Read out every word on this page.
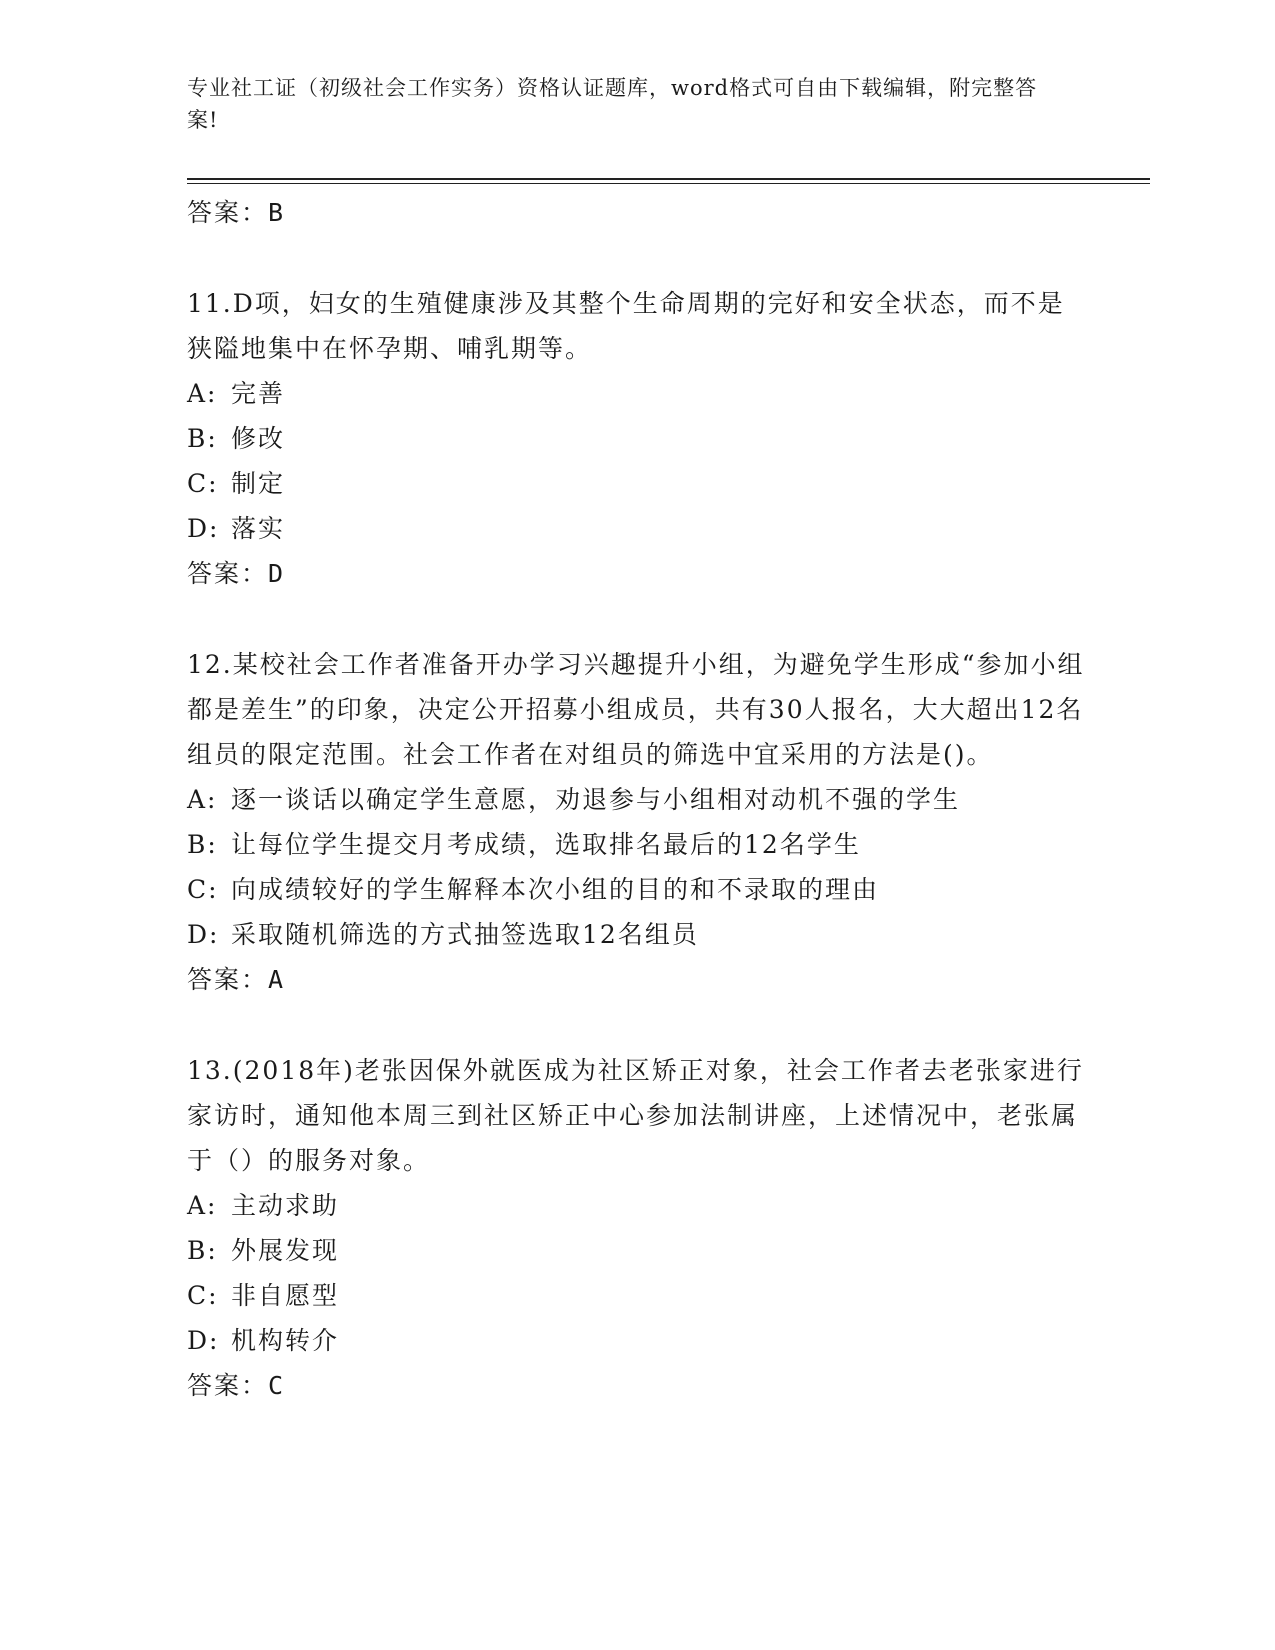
专业社工证（初级社会工作实务）资格认证题库，word格式可自由下载编辑，附完整答案!
答案：B
11.D项，妇女的生殖健康涉及其整个生命周期的完好和安全状态，而不是狭隘地集中在怀孕期、哺乳期等。
A: 完善
B: 修改
C: 制定
D: 落实
答案：D
12.某校社会工作者准备开办学习兴趣提升小组，为避免学生形成“参加小组都是差生”的印象，决定公开招募小组成员，共有30人报名，大大超出12名组员的限定范围。社会工作者在对组员的筛选中宜采用的方法是()。
A: 逐一谈话以确定学生意愿，劝退参与小组相对动机不强的学生
B: 让每位学生提交月考成绩，选取排名最后的12名学生
C: 向成绩较好的学生解释本次小组的目的和不录取的理由
D: 采取随机筛选的方式抽签选取12名组员
答案：A
13.(2018年)老张因保外就医成为社区矫正对象，社会工作者去老张家进行家访时，通知他本周三到社区矫正中心参加法制讲座，上述情况中，老张属于（）的服务对象。
A: 主动求助
B: 外展发现
C: 非自愿型
D: 机构转介
答案：C
